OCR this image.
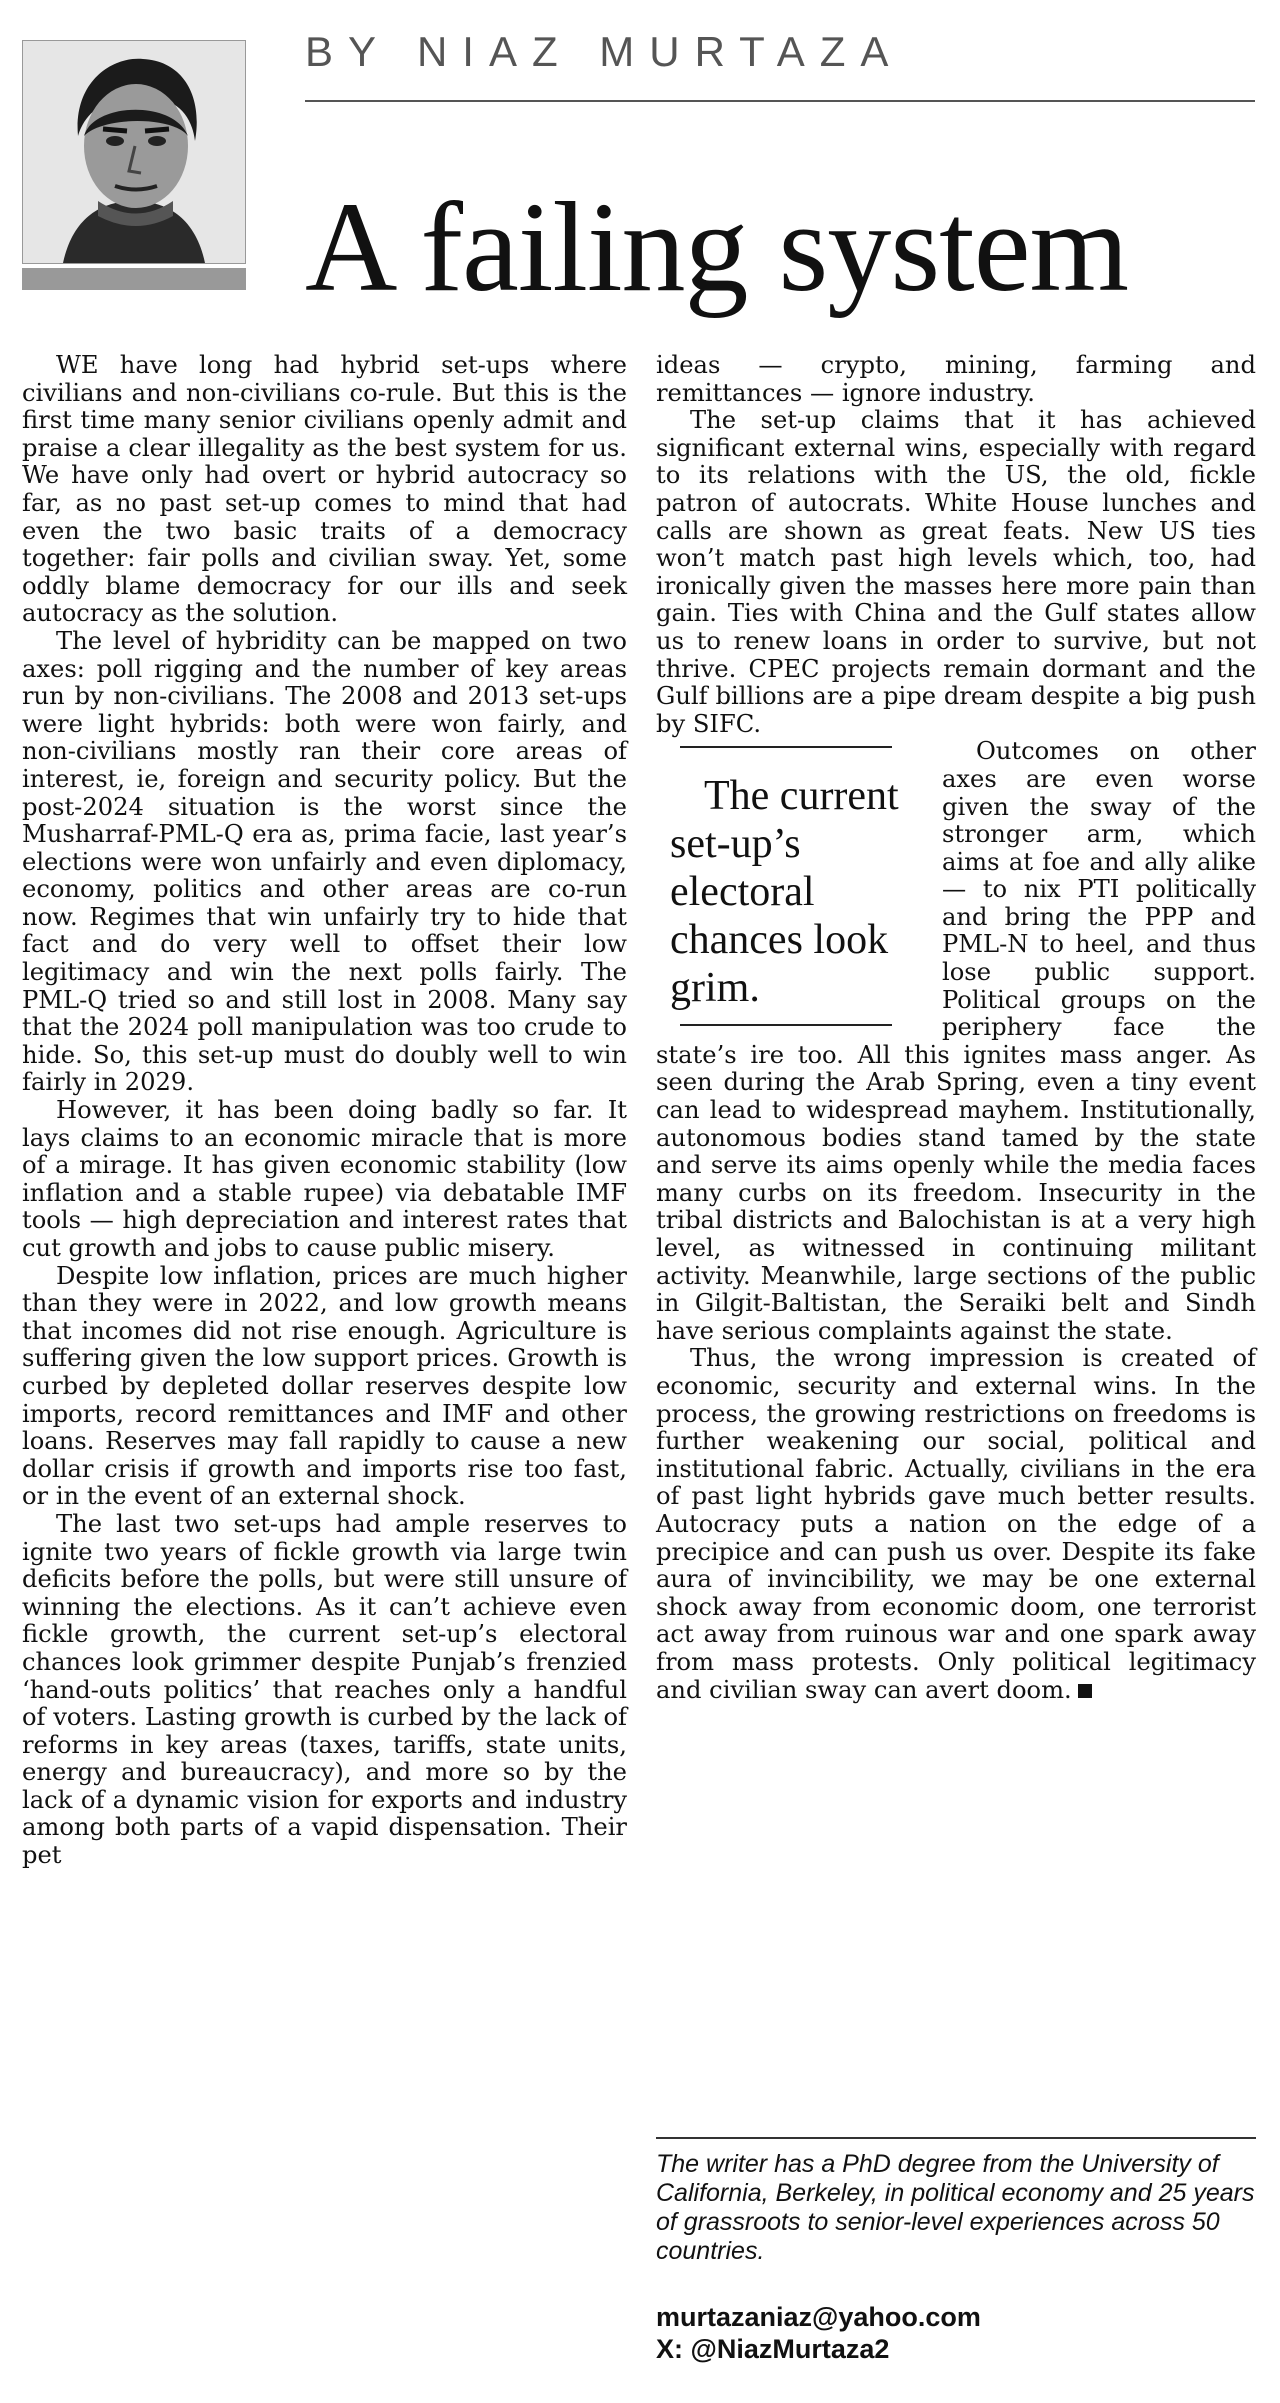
BY NIAZ MURTAZA
A failing system

WE have long had hybrid set-ups where civilians and non-civilians co-rule. But this is the first time many senior civilians openly admit and praise a clear illegality as the best system for us. We have only had overt or hybrid autocracy so far, as no past set-up comes to mind that had even the two basic traits of a democracy together: fair polls and civilian sway. Yet, some oddly blame democracy for our ills and seek autocracy as the solution.

The level of hybridity can be mapped on two axes: poll rigging and the number of key areas run by non-civilians. The 2008 and 2013 set-ups were light hybrids: both were won fairly, and non-civilians mostly ran their core areas of interest, ie, foreign and security policy. But the post-2024 situation is the worst since the Musharraf-PML-Q era as, prima facie, last year’s elections were won unfairly and even diplomacy, economy, politics and other areas are co-run now. Regimes that win unfairly try to hide that fact and do very well to offset their low legitimacy and win the next polls fairly. The PML-Q tried so and still lost in 2008. Many say that the 2024 poll manipulation was too crude to hide. So, this set-up must do doubly well to win fairly in 2029.

However, it has been doing badly so far. It lays claims to an economic miracle that is more of a mirage. It has given economic stability (low inflation and a stable rupee) via debatable IMF tools — high depreciation and interest rates that cut growth and jobs to cause public misery.

Despite low inflation, prices are much higher than they were in 2022, and low growth means that incomes did not rise enough. Agriculture is suffering given the low support prices. Growth is curbed by depleted dollar reserves despite low imports, record remittances and IMF and other loans. Reserves may fall rapidly to cause a new dollar crisis if growth and imports rise too fast, or in the event of an external shock.

The last two set-ups had ample reserves to ignite two years of fickle growth via large twin deficits before the polls, but were still unsure of winning the elections. As it can’t achieve even fickle growth, the current set-up’s electoral chances look grimmer despite Punjab’s frenzied ‘hand-outs politics’ that reaches only a handful of voters. Lasting growth is curbed by the lack of reforms in key areas (taxes, tariffs, state units, energy and bureaucracy), and more so by the lack of a dynamic vision for exports and industry among both parts of a vapid dispensation. Their pet

ideas — crypto, mining, farming and remittances — ignore industry.

The set-up claims that it has achieved significant external wins, especially with regard to its relations with the US, the old, fickle patron of autocrats. White House lunches and calls are shown as great feats. New US ties won’t match past high levels which, too, had ironically given the masses here more pain than gain. Ties with China and the Gulf states allow us to renew loans in order to survive, but not thrive. CPEC projects remain dormant and the Gulf billions are a pipe dream despite a big push by SIFC.

The current set-up’s electoral chances look grim.
Outcomes on other axes are even worse given the sway of the stronger arm, which aims at foe and ally alike — to nix PTI politically and bring the PPP and PML-N to heel, and thus lose public support. Political groups on the periphery face the state’s ire too. All this ignites mass anger. As seen during the Arab Spring, even a tiny event can lead to widespread mayhem. Institutionally, autonomous bodies stand tamed by the state and serve its aims openly while the media faces many curbs on its freedom. Insecurity in the tribal districts and Balochistan is at a very high level, as witnessed in continuing militant activity. Meanwhile, large sections of the public in Gilgit-Baltistan, the Seraiki belt and Sindh have serious complaints against the state.

Thus, the wrong impression is created of economic, security and external wins. In the process, the growing restrictions on freedoms is further weakening our social, political and institutional fabric. Actually, civilians in the era of past light hybrids gave much better results. Autocracy puts a nation on the edge of a precipice and can push us over. Despite its fake aura of invincibility, we may be one external shock away from economic doom, one terrorist act away from ruinous war and one spark away from mass protests. Only political legitimacy and civilian sway can avert doom.

The writer has a PhD degree from the University of California, Berkeley, in political economy and 25 years of grassroots to senior-level experiences across 50 countries.
murtazaniaz@yahoo.com
X: @NiazMurtaza2
